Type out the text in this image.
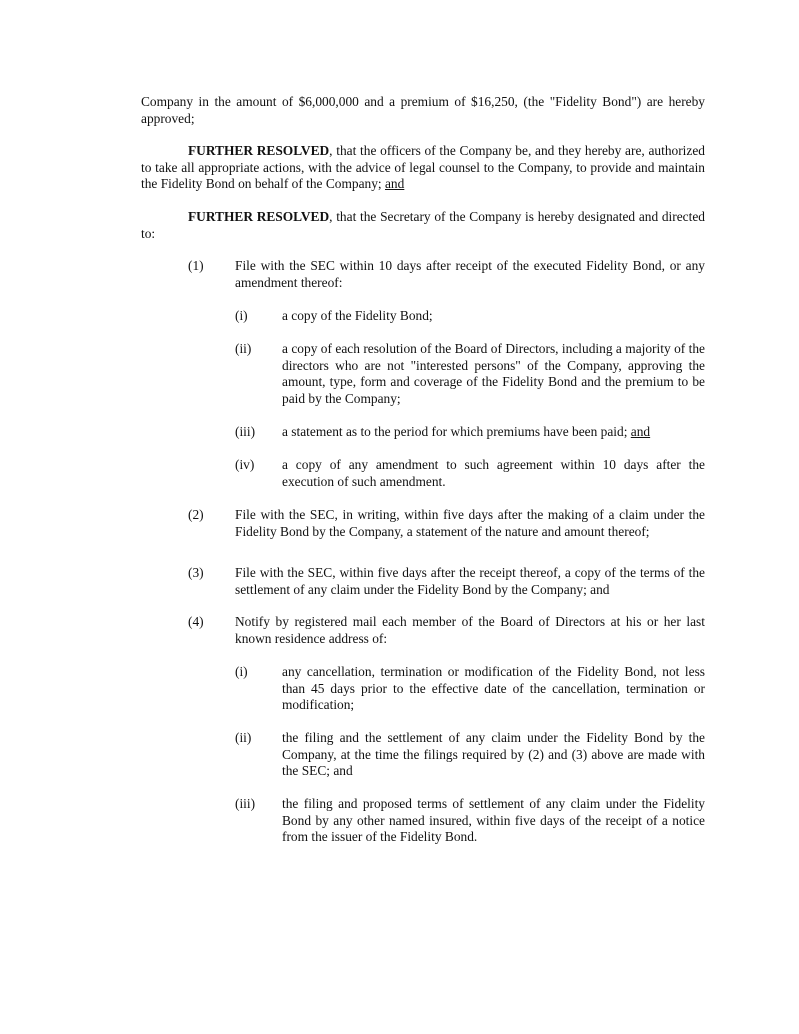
Company in the amount of $6,000,000 and a premium of $16,250, (the "Fidelity Bond") are hereby approved;

FURTHER RESOLVED, that the officers of the Company be, and they hereby are, authorized to take all appropriate actions, with the advice of legal counsel to the Company, to provide and maintain the Fidelity Bond on behalf of the Company; and

FURTHER RESOLVED, that the Secretary of the Company is hereby designated and directed to:

(1)	File with the SEC within 10 days after receipt of the executed Fidelity Bond, or any amendment thereof:
(i)	a copy of the Fidelity Bond;
(ii)	a copy of each resolution of the Board of Directors, including a majority of the directors who are not "interested persons" of the Company, approving the amount, type, form and coverage of the Fidelity Bond and the premium to be paid by the Company;
(iii)	a statement as to the period for which premiums have been paid; and
(iv)	a copy of any amendment to such agreement within 10 days after the execution of such amendment.
(2)	File with the SEC, in writing, within five days after the making of a claim under the Fidelity Bond by the Company, a statement of the nature and amount thereof;
(3)	File with the SEC, within five days after the receipt thereof, a copy of the terms of the settlement of any claim under the Fidelity Bond by the Company; and
(4)	Notify by registered mail each member of the Board of Directors at his or her last known residence address of:
(i)	any cancellation, termination or modification of the Fidelity Bond, not less than 45 days prior to the effective date of the cancellation, termination or modification;
(ii)	the filing and the settlement of any claim under the Fidelity Bond by the Company, at the time the filings required by (2) and (3) above are made with the SEC; and
(iii)	the filing and proposed terms of settlement of any claim under the Fidelity Bond by any other named insured, within five days of the receipt of a notice from the issuer of the Fidelity Bond.
